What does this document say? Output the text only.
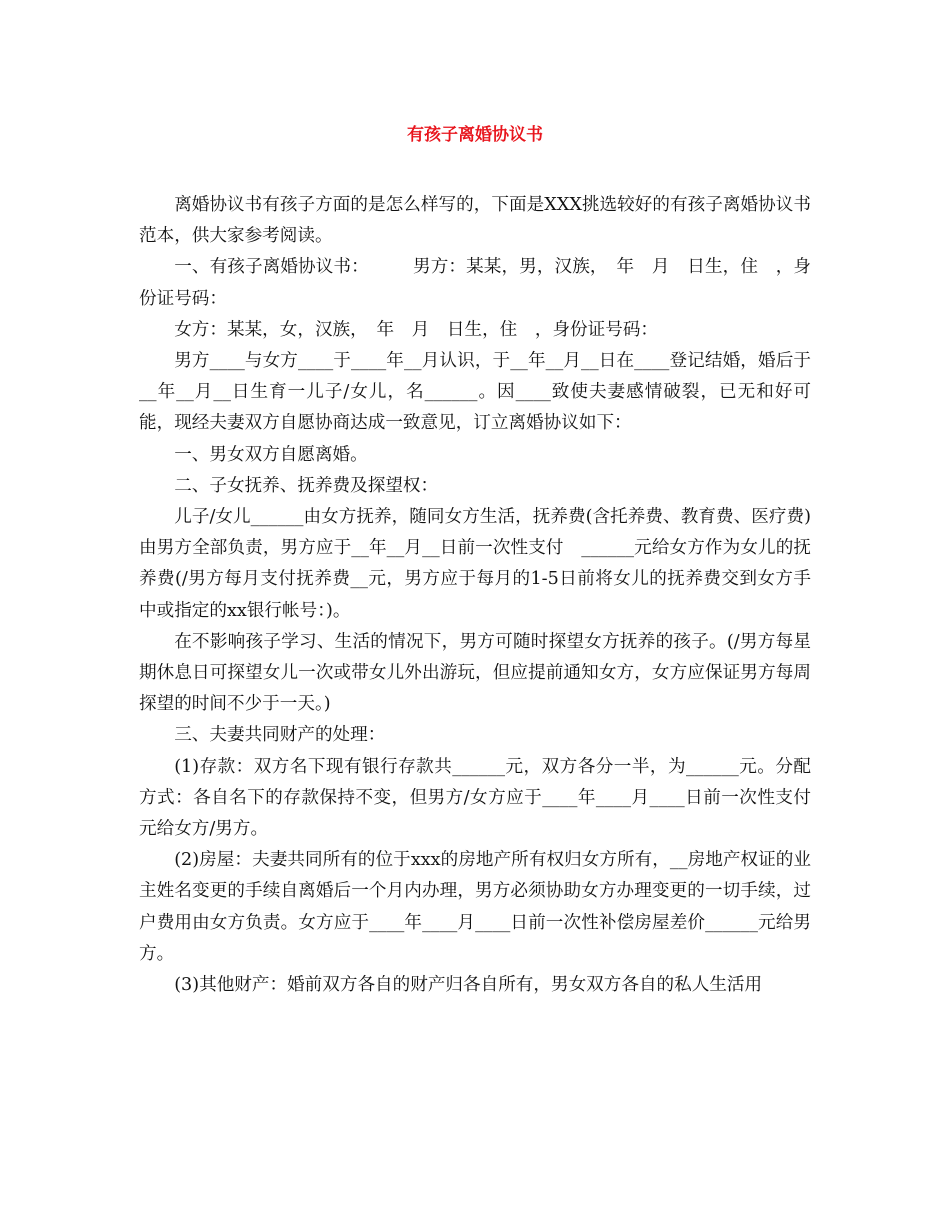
有孩子离婚协议书

离婚协议书有孩子方面的是怎么样写的，下面是XXX挑选较好的有孩子离婚协议书范本，供大家参考阅读。

一、有孩子离婚协议书：　　　男方：某某，男，汉族，　年　月　日生，住　，身份证号码：

女方：某某，女，汉族，　年　月　日生，住　，身份证号码：

男方____与女方____于____年__月认识，于__年__月__日在____登记结婚，婚后于__年__月__日生育一儿子/女儿，名______。因____致使夫妻感情破裂，已无和好可能，现经夫妻双方自愿协商达成一致意见，订立离婚协议如下：

一、男女双方自愿离婚。

二、子女抚养、抚养费及探望权：

儿子/女儿______由女方抚养，随同女方生活，抚养费(含托养费、教育费、医疗费)由男方全部负责，男方应于__年__月__日前一次性支付　______元给女方作为女儿的抚养费(/男方每月支付抚养费__元，男方应于每月的1-5日前将女儿的抚养费交到女方手中或指定的xx银行帐号：)。

在不影响孩子学习、生活的情况下，男方可随时探望女方抚养的孩子。(/男方每星期休息日可探望女儿一次或带女儿外出游玩，但应提前通知女方，女方应保证男方每周探望的时间不少于一天。)

三、夫妻共同财产的处理：

(1)存款：双方名下现有银行存款共______元，双方各分一半，为______元。分配方式：各自名下的存款保持不变，但男方/女方应于____年____月____日前一次性支付　元给女方/男方。

(2)房屋：夫妻共同所有的位于xxx的房地产所有权归女方所有，__房地产权证的业主姓名变更的手续自离婚后一个月内办理，男方必须协助女方办理变更的一切手续，过户费用由女方负责。女方应于____年____月____日前一次性补偿房屋差价______元给男方。

(3)其他财产：婚前双方各自的财产归各自所有，男女双方各自的私人生活用
